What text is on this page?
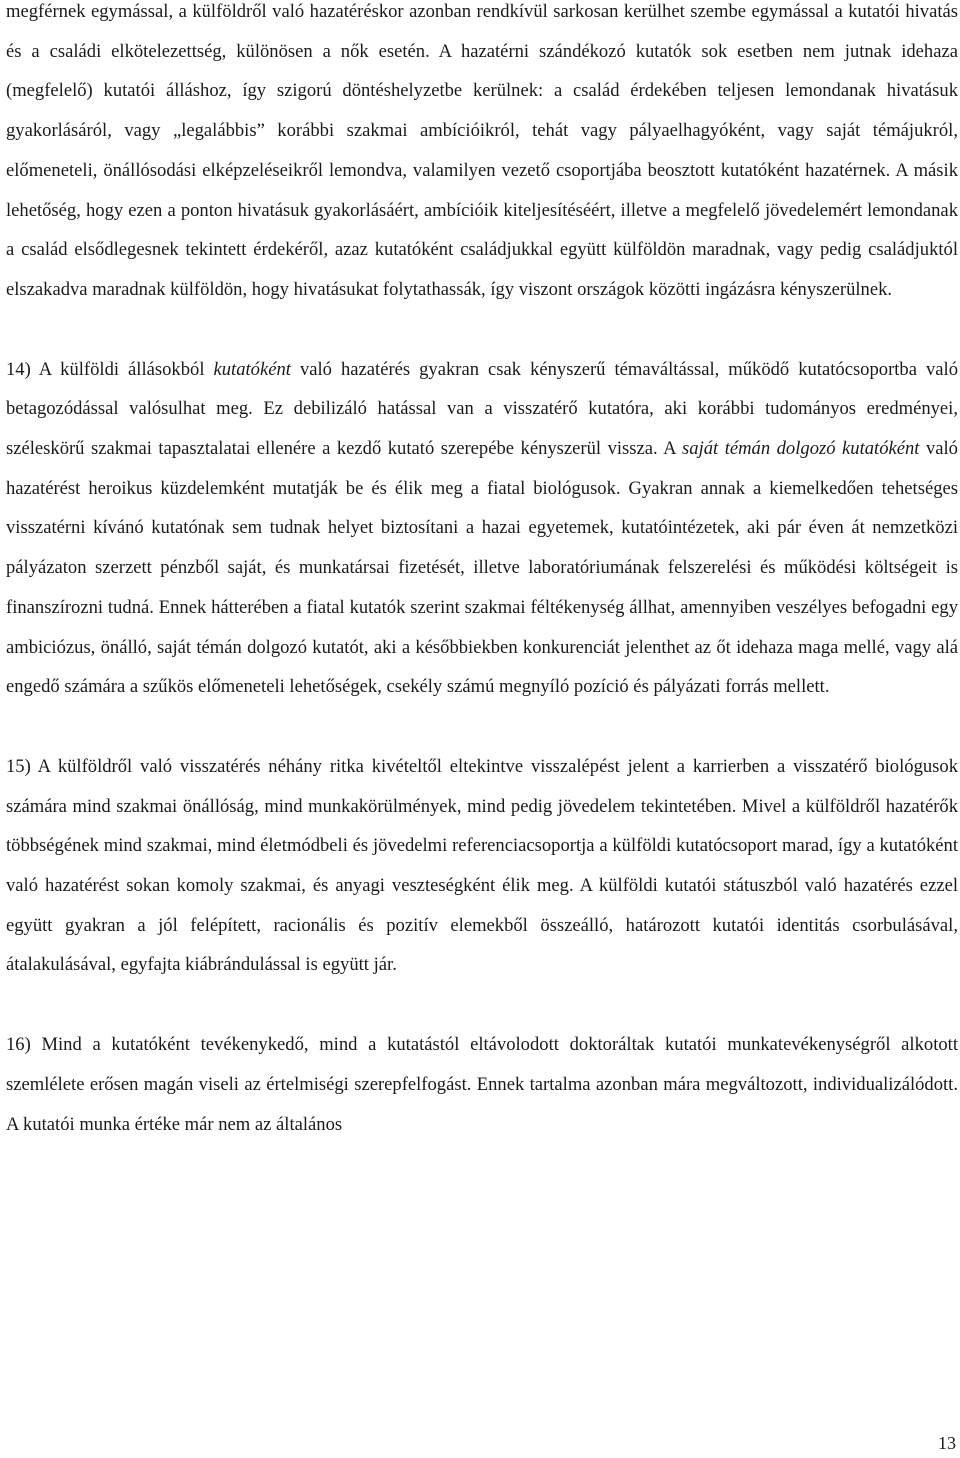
megférnek egymással, a külföldről való hazatéréskor azonban rendkívül sarkosan kerülhet szembe egymással a kutatói hivatás és a családi elkötelezettség, különösen a nők esetén. A hazatérni szándékozó kutatók sok esetben nem jutnak idehaza (megfelelő) kutatói álláshoz, így szigorú döntéshelyzetbe kerülnek: a család érdekében teljesen lemondanak hivatásuk gyakorlásáról, vagy „legalábbis” korábbi szakmai ambícióikról, tehát vagy pályaelhagyóként, vagy saját témájukról, előmeneteli, önállósodási elképzeléseikről lemondva, valamilyen vezető csoportjába beosztott kutatóként hazatérnek. A másik lehetőség, hogy ezen a ponton hivatásuk gyakorlásáért, ambícióik kiteljesítéséért, illetve a megfelelő jövedelemért lemondanak a család elsődlegesnek tekintett érdekéről, azaz kutatóként családjukkal együtt külföldön maradnak, vagy pedig családjuktól elszakadva maradnak külföldön, hogy hivatásukat folytathassák, így viszont országok közötti ingázásra kényszerülnek.

14) A külföldi állásokból kutatóként való hazatérés gyakran csak kényszerű témaváltással, működő kutatócsoportba való betagozódással valósulhat meg. Ez debilizáló hatással van a visszatérő kutatóra, aki korábbi tudományos eredményei, széleskörű szakmai tapasztalatai ellenére a kezdő kutató szerepébe kényszerül vissza. A saját témán dolgozó kutatóként való hazatérést heroikus küzdelemként mutatják be és élik meg a fiatal biológusok. Gyakran annak a kiemelkedően tehetséges visszatérni kívánó kutatónak sem tudnak helyet biztosítani a hazai egyetemek, kutatóintézetek, aki pár éven át nemzetközi pályázaton szerzett pénzből saját, és munkatársai fizetését, illetve laboratóriumának felszerelési és működési költségeit is finanszírozni tudná. Ennek hátterében a fiatal kutatók szerint szakmai féltékenység állhat, amennyiben veszélyes befogadni egy ambiciózus, önálló, saját témán dolgozó kutatót, aki a későbbiekben konkurenciát jelenthet az őt idehaza maga mellé, vagy alá engedő számára a szűkös előmeneteli lehetőségek, csekély számú megnyíló pozíció és pályázati forrás mellett.

15) A külföldről való visszatérés néhány ritka kivételtől eltekintve visszalépést jelent a karrierben a visszatérő biológusok számára mind szakmai önállóság, mind munkakörülmények, mind pedig jövedelem tekintetében. Mivel a külföldről hazatérők többségének mind szakmai, mind életmódbeli és jövedelmi referenciacsoportja a külföldi kutatócsoport marad, így a kutatóként való hazatérést sokan komoly szakmai, és anyagi veszteségként élik meg. A külföldi kutatói státuszból való hazatérés ezzel együtt gyakran a jól felépített, racionális és pozitív elemekből összeálló, határozott kutatói identitás csorbulásával, átalakulásával, egyfajta kiábrándulással is együtt jár.

16) Mind a kutatóként tevékenykedő, mind a kutatástól eltávolodott doktoráltak kutatói munkatevékenységről alkotott szemlélete erősen magán viseli az értelmiségi szerepfelfogást. Ennek tartalma azonban mára megváltozott, individualizálódott. A kutatói munka értéke már nem az általános

13
